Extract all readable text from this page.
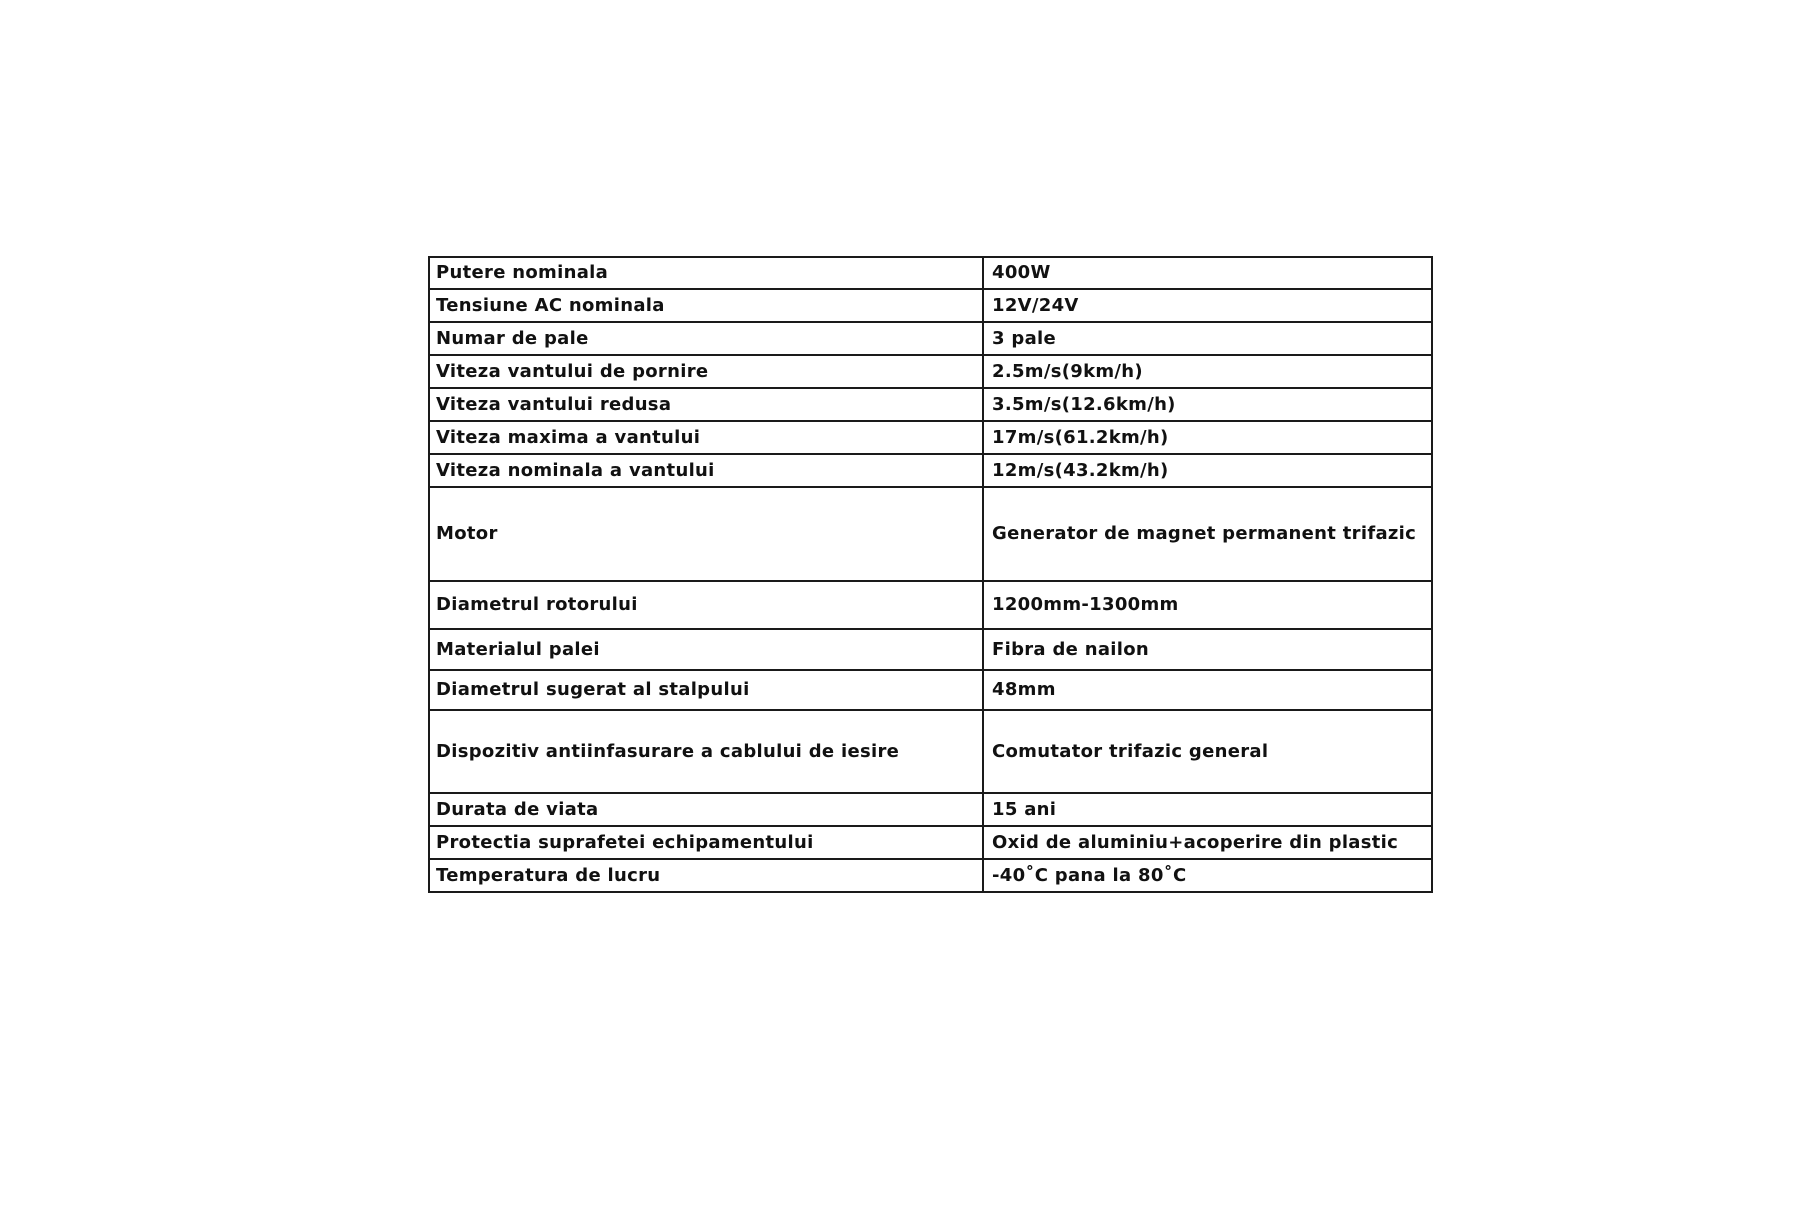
Putere nominala	400W
Tensiune AC nominala	12V/24V
Numar de pale	3 pale
Viteza vantului de pornire	2.5m/s(9km/h)
Viteza vantului redusa	3.5m/s(12.6km/h)
Viteza maxima a vantului	17m/s(61.2km/h)
Viteza nominala a vantului	12m/s(43.2km/h)
Motor	Generator de magnet permanent trifazic
Diametrul rotorului	1200mm-1300mm
Materialul palei	Fibra de nailon
Diametrul sugerat al stalpului	48mm
Dispozitiv antiinfasurare a cablului de iesire	Comutator trifazic general
Durata de viata	15 ani
Protectia suprafetei echipamentului	Oxid de aluminiu+acoperire din plastic
Temperatura de lucru	-40˚C pana la 80˚C
